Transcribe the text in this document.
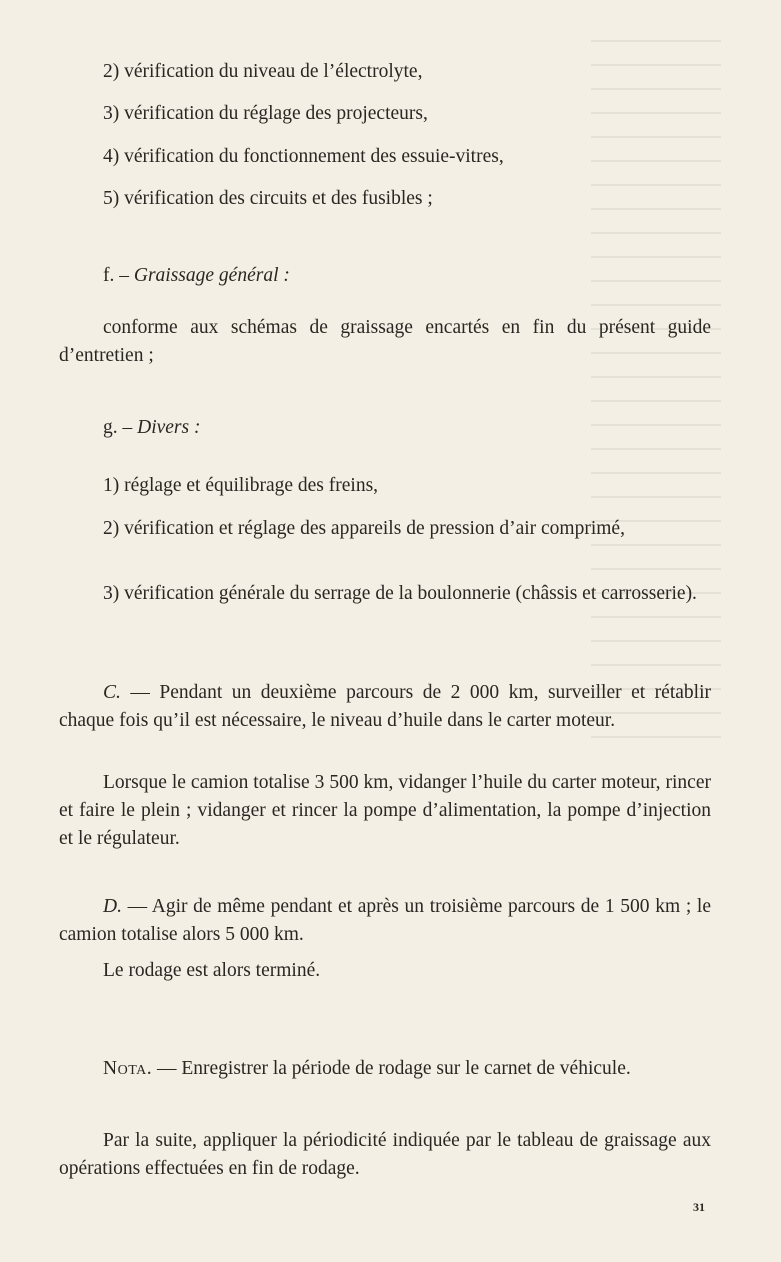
2) vérification du niveau de l’électrolyte,

3) vérification du réglage des projecteurs,

4) vérification du fonctionnement des essuie-vitres,

5) vérification des circuits et des fusibles ;

f. – Graissage général :

conforme aux schémas de graissage encartés en fin du présent guide d’entretien ;

g. – Divers :

1) réglage et équilibrage des freins,

2) vérification et réglage des appareils de pression d’air comprimé,

3) vérification générale du serrage de la boulonnerie (châssis et carrosserie).

C. — Pendant un deuxième parcours de 2 000 km, surveiller et rétablir chaque fois qu’il est nécessaire, le niveau d’huile dans le carter moteur.

Lorsque le camion totalise 3 500 km, vidanger l’huile du carter moteur, rincer et faire le plein ; vidanger et rincer la pompe d’alimentation, la pompe d’injection et le régulateur.

D. — Agir de même pendant et après un troisième parcours de 1 500 km ; le camion totalise alors 5 000 km.

Le rodage est alors terminé.

Nota. — Enregistrer la période de rodage sur le carnet de véhicule.

Par la suite, appliquer la périodicité indiquée par le tableau de graissage aux opérations effectuées en fin de rodage.

31
